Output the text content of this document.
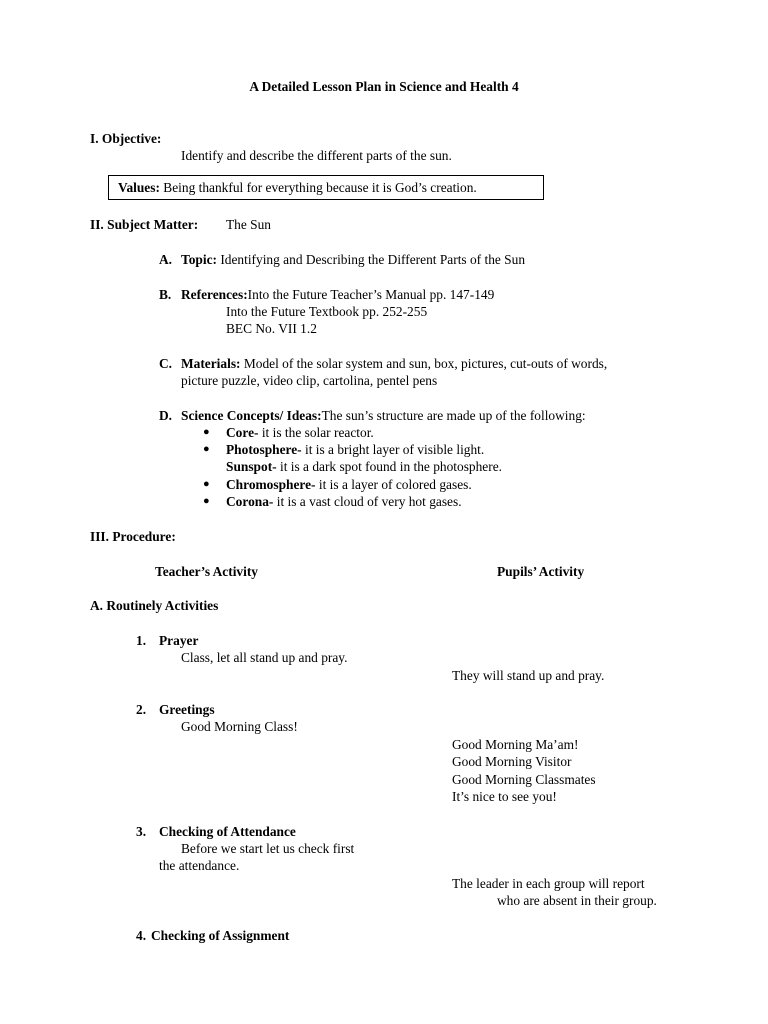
A Detailed Lesson Plan in Science and Health 4
I. Objective:
Identify and describe the different parts of the sun.
Values: Being thankful for everything because it is God’s creation.
II. Subject Matter: The Sun
A. Topic: Identifying and Describing the Different Parts of the Sun
B. References:Into the Future Teacher’s Manual pp. 147-149
Into the Future Textbook pp. 252-255
BEC No. VII 1.2
C. Materials: Model of the solar system and sun, box, pictures, cut-outs of words,
picture puzzle, video clip, cartolina, pentel pens
D. Science Concepts/ Ideas:The sun’s structure are made up of the following:
● Core- it is the solar reactor.
● Photosphere- it is a bright layer of visible light.
Sunspot- it is a dark spot found in the photosphere.
● Chromosphere- it is a layer of colored gases.
● Corona- it is a vast cloud of very hot gases.
III. Procedure:
Teacher’s Activity	Pupils’ Activity
A. Routinely Activities
1. Prayer
Class, let all stand up and pray.
They will stand up and pray.
2. Greetings
Good Morning Class!
Good Morning Ma’am!
Good Morning Visitor
Good Morning Classmates
It’s nice to see you!
3. Checking of Attendance
Before we start let us check first
the attendance.
The leader in each group will report
who are absent in their group.
4. Checking of Assignment
